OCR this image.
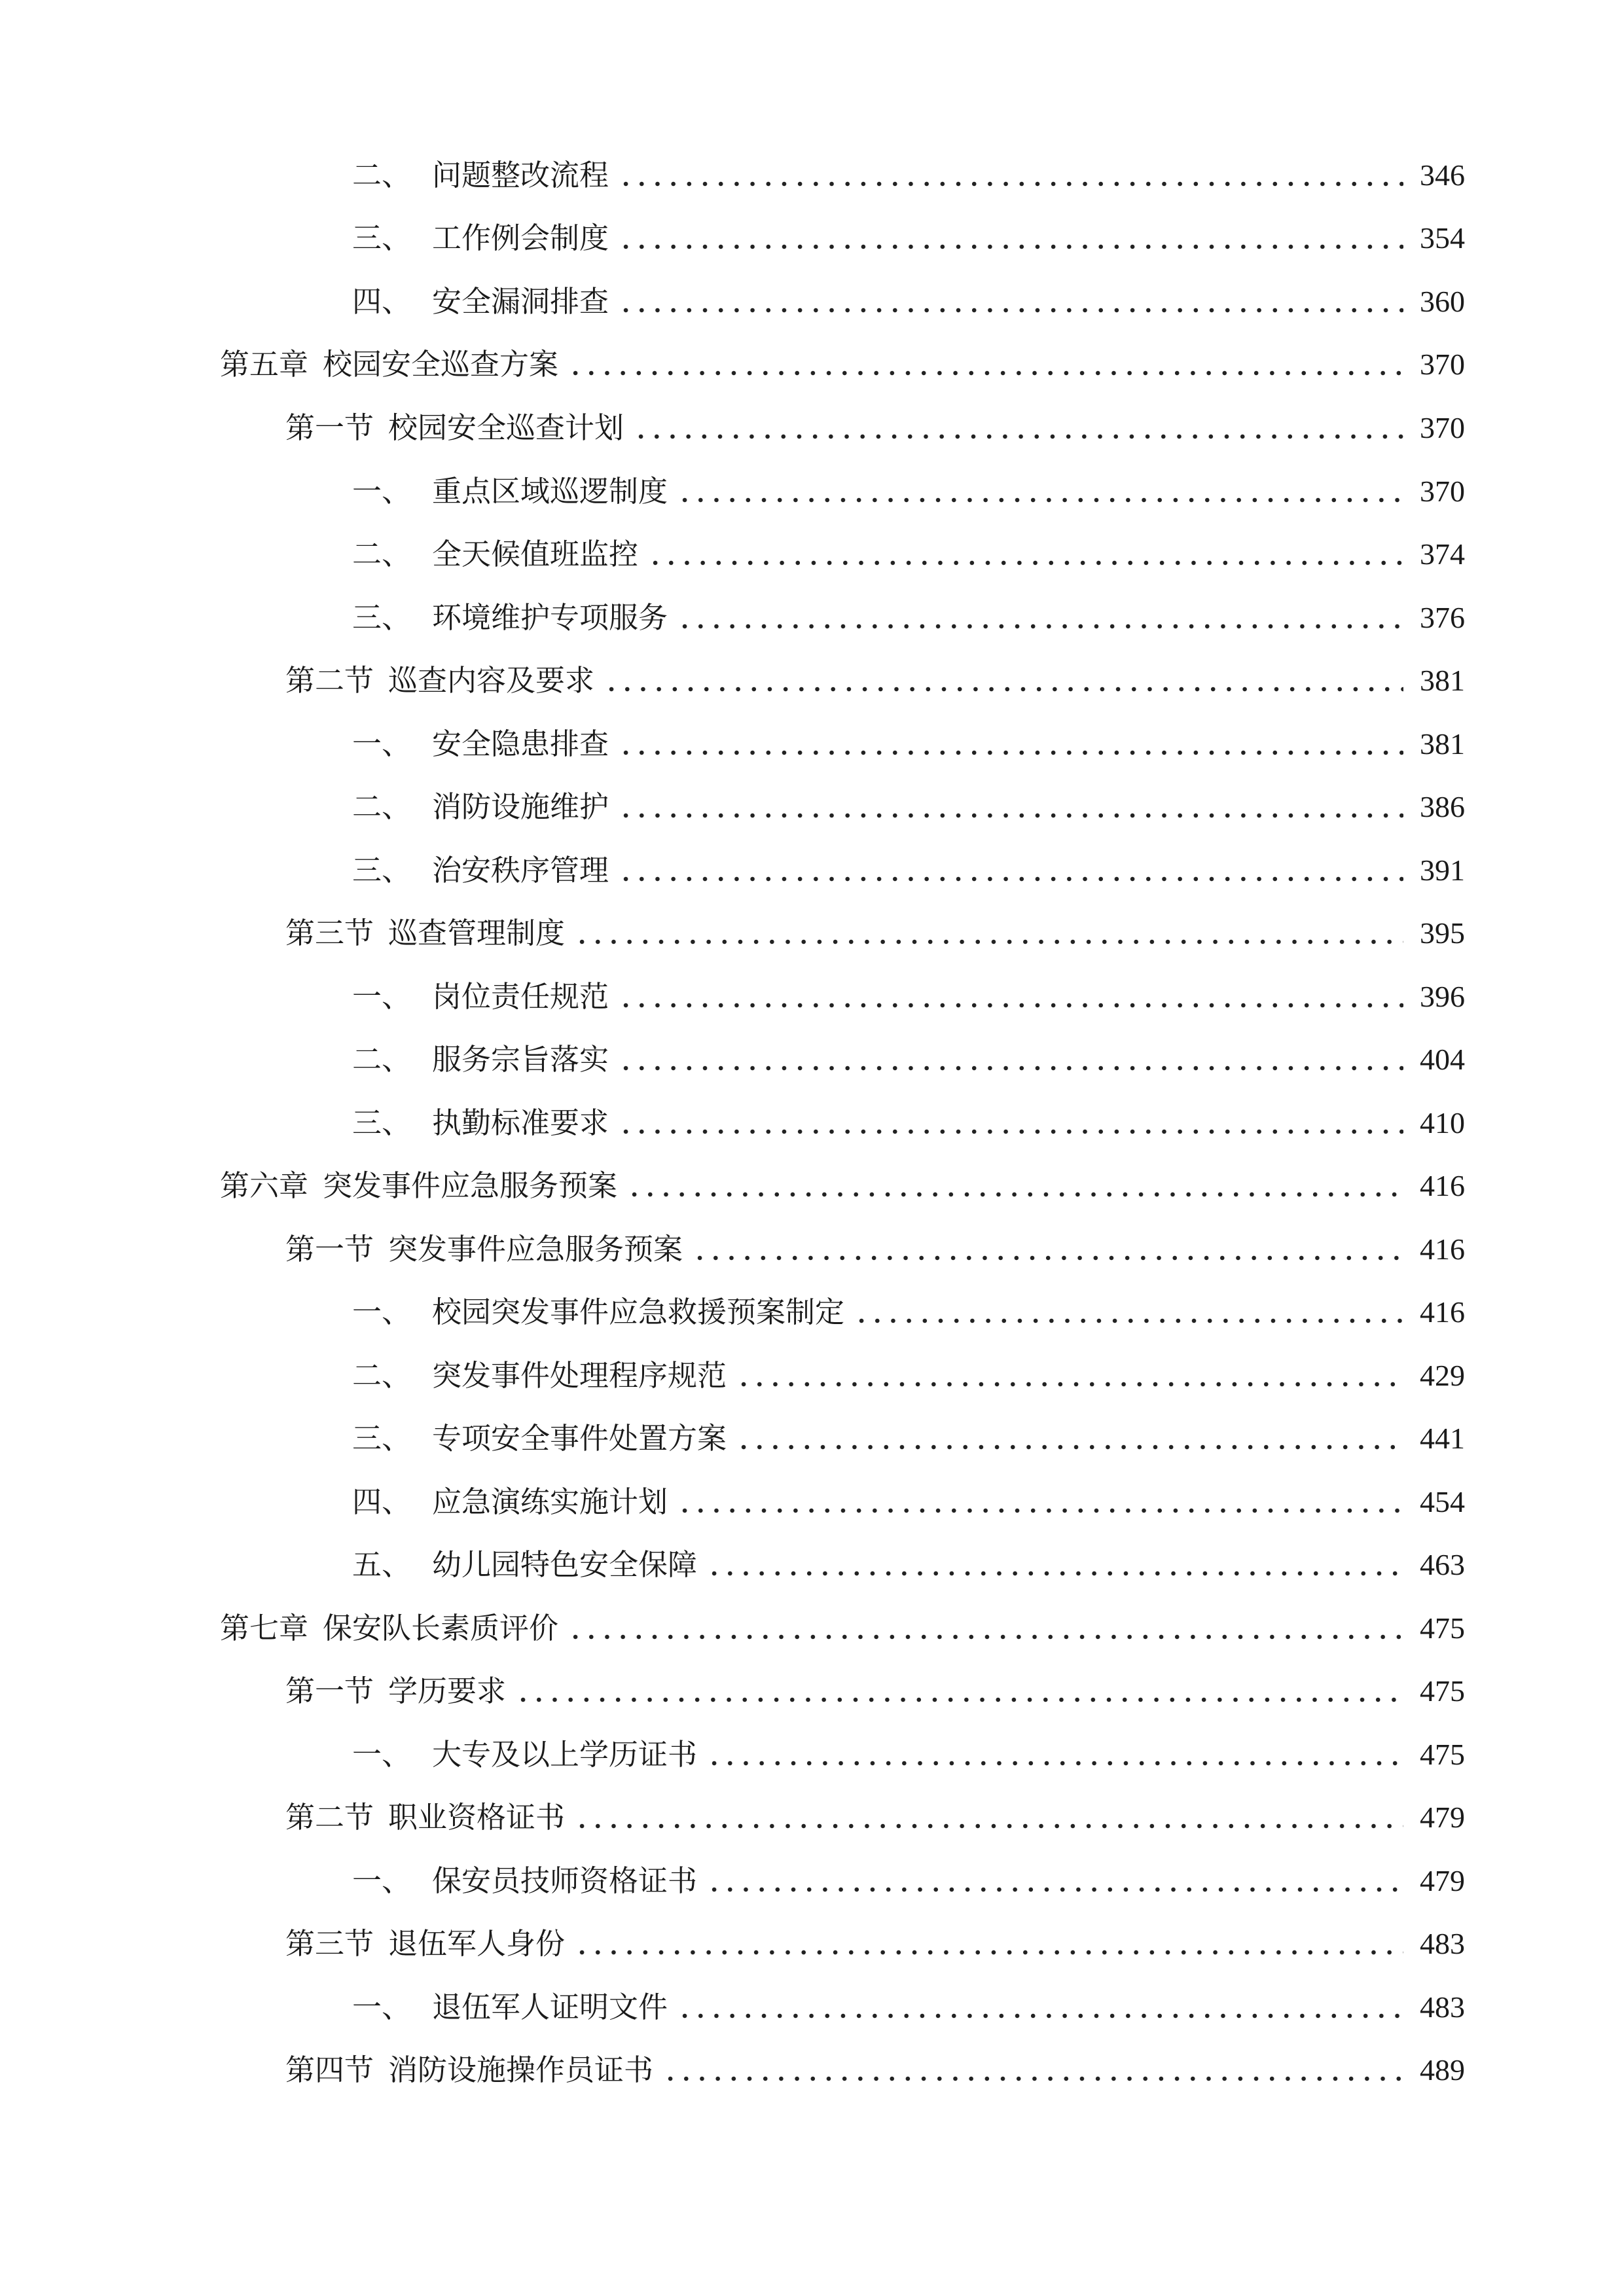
二、 问题整改流程	346
三、 工作例会制度	354
四、 安全漏洞排查	360
第五章 校园安全巡查方案	370
第一节 校园安全巡查计划	370
一、 重点区域巡逻制度	370
二、 全天候值班监控	374
三、 环境维护专项服务	376
第二节 巡查内容及要求	381
一、 安全隐患排查	381
二、 消防设施维护	386
三、 治安秩序管理	391
第三节 巡查管理制度	395
一、 岗位责任规范	396
二、 服务宗旨落实	404
三、 执勤标准要求	410
第六章 突发事件应急服务预案	416
第一节 突发事件应急服务预案	416
一、 校园突发事件应急救援预案制定	416
二、 突发事件处理程序规范	429
三、 专项安全事件处置方案	441
四、 应急演练实施计划	454
五、 幼儿园特色安全保障	463
第七章 保安队长素质评价	475
第一节 学历要求	475
一、 大专及以上学历证书	475
第二节 职业资格证书	479
一、 保安员技师资格证书	479
第三节 退伍军人身份	483
一、 退伍军人证明文件	483
第四节 消防设施操作员证书	489
